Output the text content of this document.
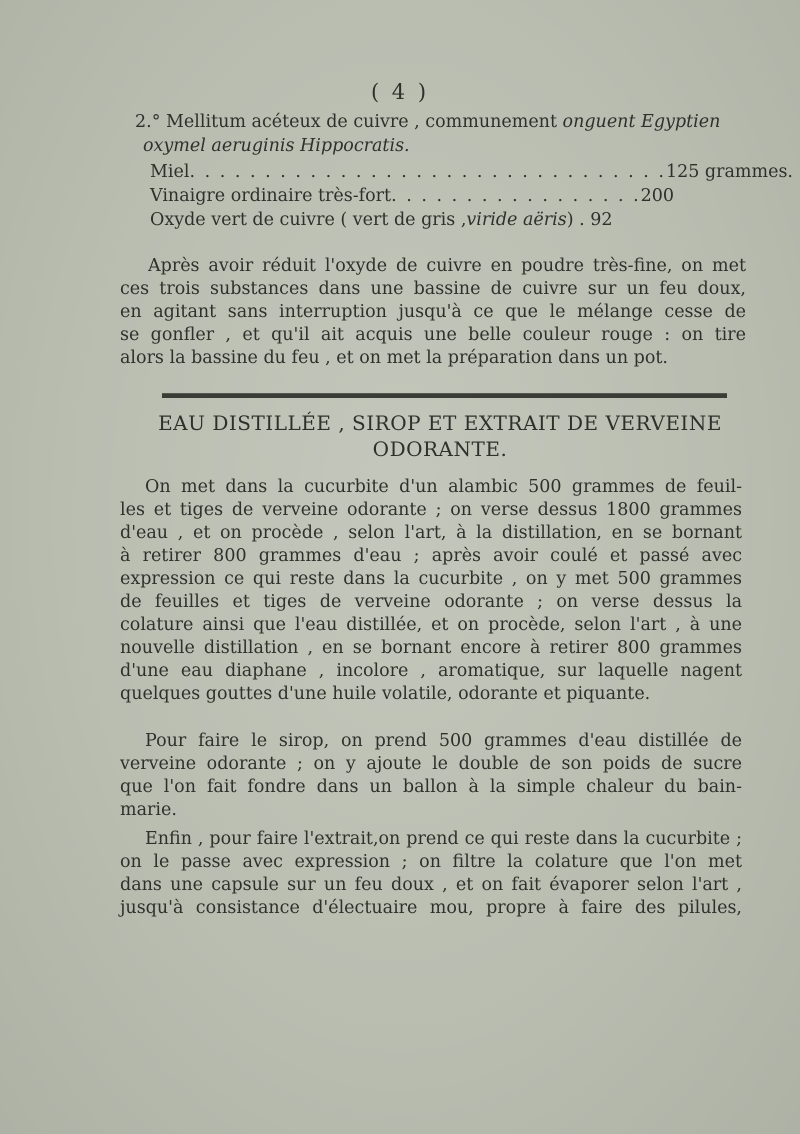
( 4 )
2.° Mellitum acéteux de cuivre , communement onguent Egyptien
oxymel aeruginis Hippocratis.
Miel . . . . . . . . . . . . . . . . . . . . . . . . . . . . . . . . 125 grammes.
Vinaigre ordinaire très-fort . . . . . . . . . . . . . . . . . 200
Oxyde vert de cuivre ( vert de gris , viride aëris ) . 92
Après avoir réduit l'oxyde de cuivre en poudre très-fine, on met
ces trois substances dans une bassine de cuivre sur un feu doux,
en agitant sans interruption jusqu'à ce que le mélange cesse de
se gonfler , et qu'il ait acquis une belle couleur rouge : on tire
alors la bassine du feu , et on met la préparation dans un pot.
EAU DISTILLÉE , SIROP ET EXTRAIT DE VERVEINE
ODORANTE.
On met dans la cucurbite d'un alambic 500 grammes de feuil-
les et tiges de verveine odorante ; on verse dessus 1800 grammes
d'eau , et on procède , selon l'art, à la distillation, en se bornant
à retirer 800 grammes d'eau ; après avoir coulé et passé avec
expression ce qui reste dans la cucurbite , on y met 500 grammes
de feuilles et tiges de verveine odorante ; on verse dessus la
colature ainsi que l'eau distillée, et on procède, selon l'art , à une
nouvelle distillation , en se bornant encore à retirer 800 grammes
d'une eau diaphane , incolore , aromatique, sur laquelle nagent
quelques gouttes d'une huile volatile, odorante et piquante.
Pour faire le sirop, on prend 500 grammes d'eau distillée de
verveine odorante ; on y ajoute le double de son poids de sucre
que l'on fait fondre dans un ballon à la simple chaleur du bain-
marie.
Enfin , pour faire l'extrait,on prend ce qui reste dans la cucurbite ;
on le passe avec expression ; on filtre la colature que l'on met
dans une capsule sur un feu doux , et on fait évaporer selon l'art ,
jusqu'à consistance d'électuaire mou, propre à faire des pilules,
